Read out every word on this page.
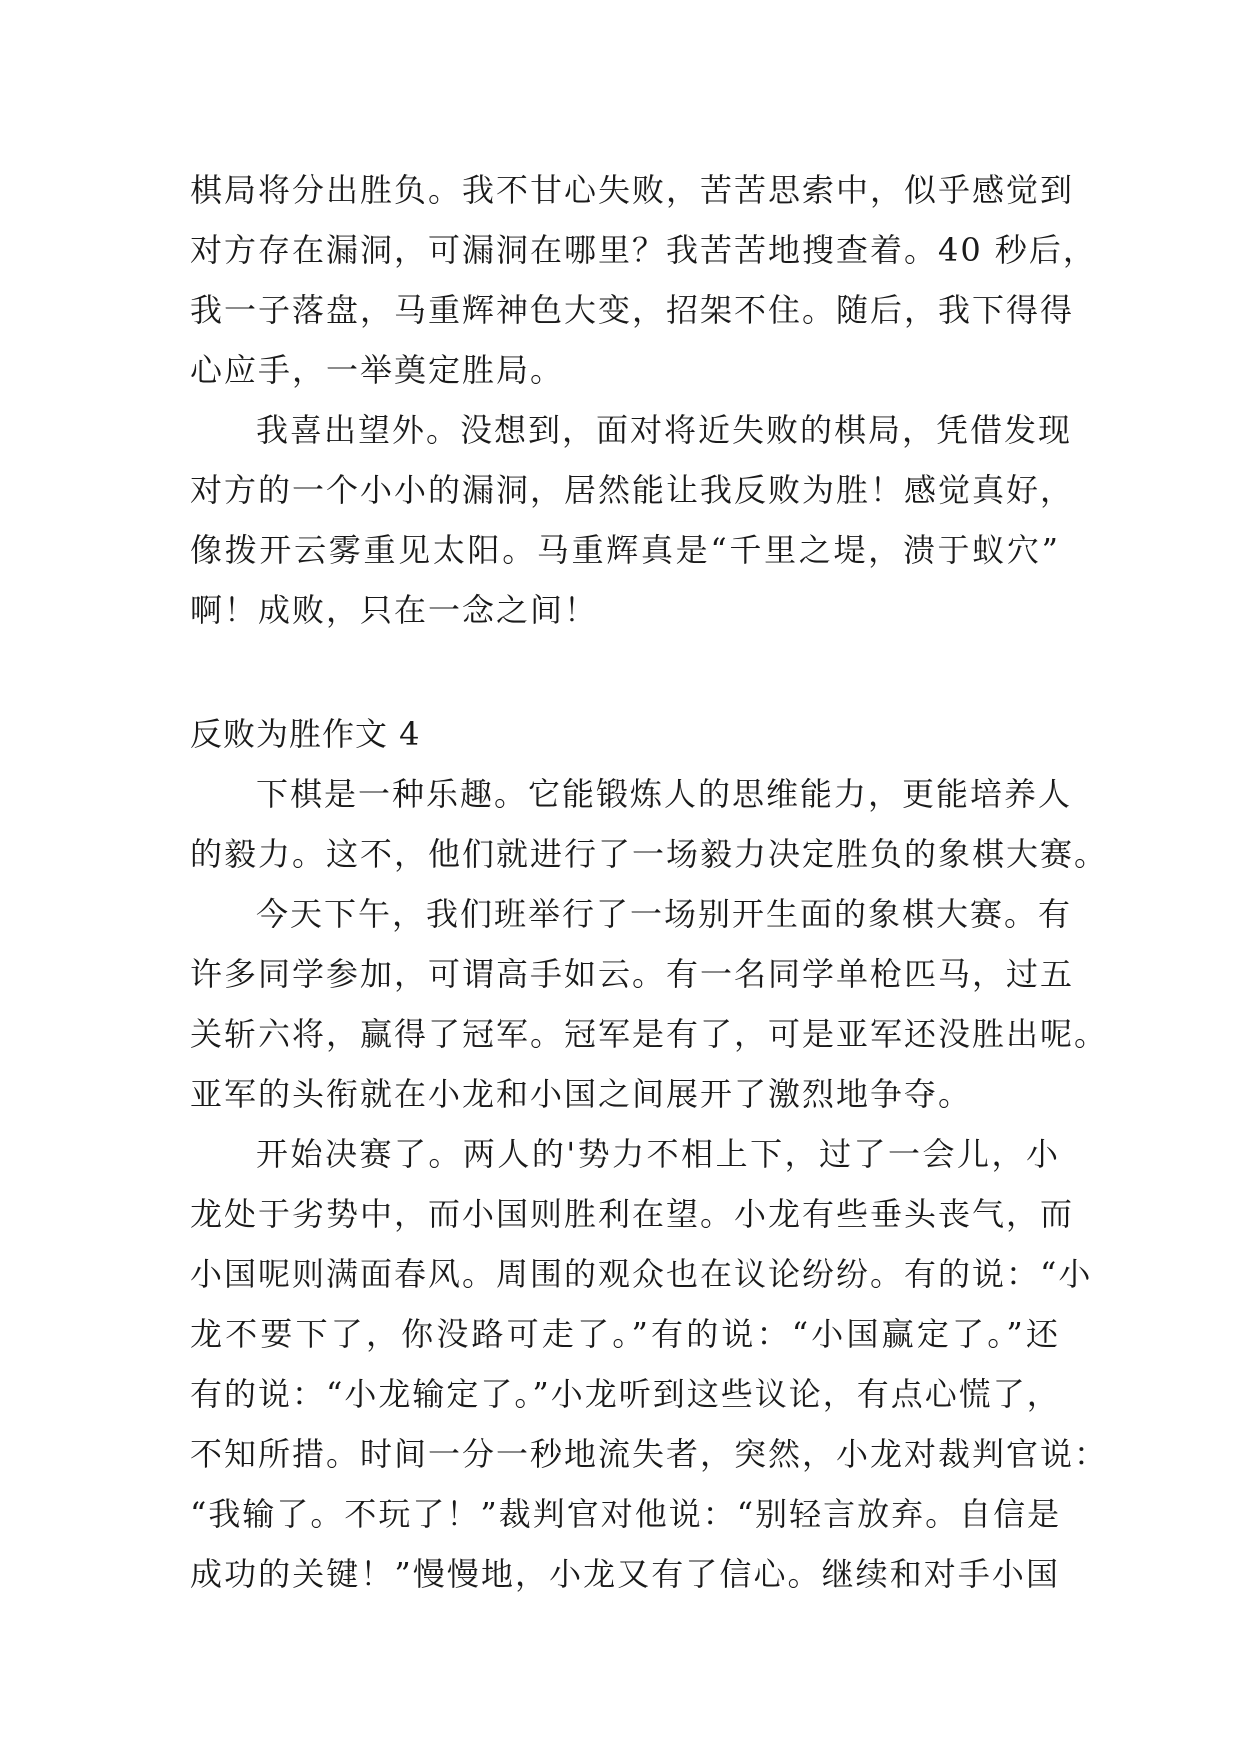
棋局将分出胜负。我不甘心失败，苦苦思索中，似乎感觉到
对方存在漏洞，可漏洞在哪里？我苦苦地搜查着。40 秒后，
我一子落盘，马重辉神色大变，招架不住。随后，我下得得
心应手，一举奠定胜局。
我喜出望外。没想到，面对将近失败的棋局，凭借发现
对方的一个小小的漏洞，居然能让我反败为胜！感觉真好，
像拨开云雾重见太阳。马重辉真是“千里之堤，溃于蚁穴”
啊！成败，只在一念之间！
反败为胜作文 4
下棋是一种乐趣。它能锻炼人的思维能力，更能培养人
的毅力。这不，他们就进行了一场毅力决定胜负的象棋大赛。
今天下午，我们班举行了一场别开生面的象棋大赛。有
许多同学参加，可谓高手如云。有一名同学单枪匹马，过五
关斩六将，赢得了冠军。冠军是有了，可是亚军还没胜出呢。
亚军的头衔就在小龙和小国之间展开了激烈地争夺。
开始决赛了。两人的'势力不相上下，过了一会儿，小
龙处于劣势中，而小国则胜利在望。小龙有些垂头丧气，而
小国呢则满面春风。周围的观众也在议论纷纷。有的说：“小
龙不要下了，你没路可走了。”有的说：“小国赢定了。”还
有的说：“小龙输定了。”小龙听到这些议论，有点心慌了，
不知所措。时间一分一秒地流失者，突然，小龙对裁判官说：
“我输了。不玩了！”裁判官对他说：“别轻言放弃。自信是
成功的关键！”慢慢地，小龙又有了信心。继续和对手小国
